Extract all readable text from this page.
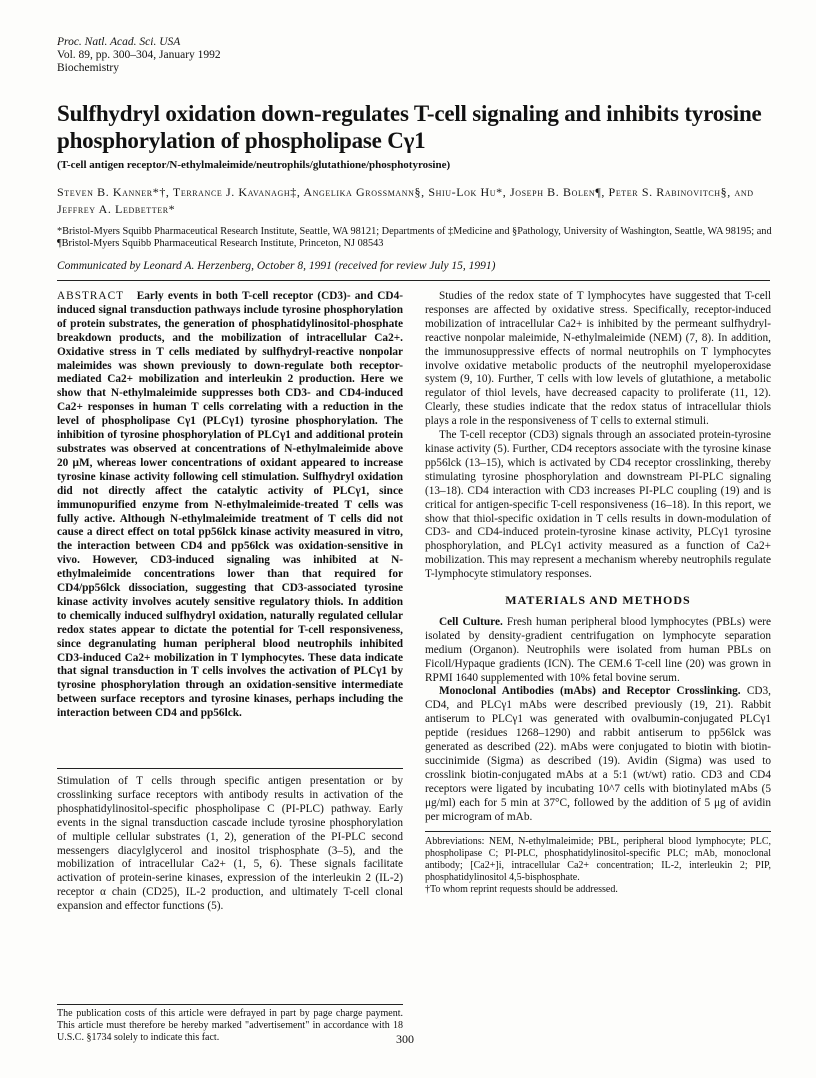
Proc. Natl. Acad. Sci. USA
Vol. 89, pp. 300–304, January 1992
Biochemistry
Sulfhydryl oxidation down-regulates T-cell signaling and inhibits tyrosine phosphorylation of phospholipase Cγ1
(T-cell antigen receptor/N-ethylmaleimide/neutrophils/glutathione/phosphotyrosine)
Steven B. Kanner*†, Terrance J. Kavanagh‡, Angelika Grossmann§, Shiu-Lok Hu*, Joseph B. Bolen¶, Peter S. Rabinovitch§, and Jeffrey A. Ledbetter*
*Bristol-Myers Squibb Pharmaceutical Research Institute, Seattle, WA 98121; Departments of ‡Medicine and §Pathology, University of Washington, Seattle, WA 98195; and ¶Bristol-Myers Squibb Pharmaceutical Research Institute, Princeton, NJ 08543
Communicated by Leonard A. Herzenberg, October 8, 1991 (received for review July 15, 1991)
ABSTRACT Early events in both T-cell receptor (CD3)- and CD4-induced signal transduction pathways include tyrosine phosphorylation of protein substrates, the generation of phosphatidylinositol-phosphate breakdown products, and the mobilization of intracellular Ca2+. Oxidative stress in T cells mediated by sulfhydryl-reactive nonpolar maleimides was shown previously to down-regulate both receptor-mediated Ca2+ mobilization and interleukin 2 production. Here we show that N-ethylmaleimide suppresses both CD3- and CD4-induced Ca2+ responses in human T cells correlating with a reduction in the level of phospholipase Cγ1 (PLCγ1) tyrosine phosphorylation. The inhibition of tyrosine phosphorylation of PLCγ1 and additional protein substrates was observed at concentrations of N-ethylmaleimide above 20 μM, whereas lower concentrations of oxidant appeared to increase tyrosine kinase activity following cell stimulation. Sulfhydryl oxidation did not directly affect the catalytic activity of PLCγ1, since immunopurified enzyme from N-ethylmaleimide-treated T cells was fully active. Although N-ethylmaleimide treatment of T cells did not cause a direct effect on total pp56lck kinase activity measured in vitro, the interaction between CD4 and pp56lck was oxidation-sensitive in vivo. However, CD3-induced signaling was inhibited at N-ethylmaleimide concentrations lower than that required for CD4/pp56lck dissociation, suggesting that CD3-associated tyrosine kinase activity involves acutely sensitive regulatory thiols. In addition to chemically induced sulfhydryl oxidation, naturally regulated cellular redox states appear to dictate the potential for T-cell responsiveness, since degranulating human peripheral blood neutrophils inhibited CD3-induced Ca2+ mobilization in T lymphocytes. These data indicate that signal transduction in T cells involves the activation of PLCγ1 by tyrosine phosphorylation through an oxidation-sensitive intermediate between surface receptors and tyrosine kinases, perhaps including the interaction between CD4 and pp56lck.

Stimulation of T cells through specific antigen presentation or by crosslinking surface receptors with antibody results in activation of the phosphatidylinositol-specific phospholipase C (PI-PLC) pathway. Early events in the signal transduction cascade include tyrosine phosphorylation of multiple cellular substrates (1, 2), generation of the PI-PLC second messengers diacylglycerol and inositol trisphosphate (3–5), and the mobilization of intracellular Ca2+ (1, 5, 6). These signals facilitate activation of protein-serine kinases, expression of the interleukin 2 (IL-2) receptor α chain (CD25), IL-2 production, and ultimately T-cell clonal expansion and effector functions (5).

The publication costs of this article were defrayed in part by page charge payment. This article must therefore be hereby marked "advertisement" in accordance with 18 U.S.C. §1734 solely to indicate this fact.

Studies of the redox state of T lymphocytes have suggested that T-cell responses are affected by oxidative stress. Specifically, receptor-induced mobilization of intracellular Ca2+ is inhibited by the permeant sulfhydryl-reactive nonpolar maleimide, N-ethylmaleimide (NEM) (7, 8). In addition, the immunosuppressive effects of normal neutrophils on T lymphocytes involve oxidative metabolic products of the neutrophil myeloperoxidase system (9, 10). Further, T cells with low levels of glutathione, a metabolic regulator of thiol levels, have decreased capacity to proliferate (11, 12). Clearly, these studies indicate that the redox status of intracellular thiols plays a role in the responsiveness of T cells to external stimuli.

The T-cell receptor (CD3) signals through an associated protein-tyrosine kinase activity (5). Further, CD4 receptors associate with the tyrosine kinase pp56lck (13–15), which is activated by CD4 receptor crosslinking, thereby stimulating tyrosine phosphorylation and downstream PI-PLC signaling (13–18). CD4 interaction with CD3 increases PI-PLC coupling (19) and is critical for antigen-specific T-cell responsiveness (16–18). In this report, we show that thiol-specific oxidation in T cells results in down-modulation of CD3- and CD4-induced protein-tyrosine kinase activity, PLCγ1 tyrosine phosphorylation, and PLCγ1 activity measured as a function of Ca2+ mobilization. This may represent a mechanism whereby neutrophils regulate T-lymphocyte stimulatory responses.

MATERIALS AND METHODS

Cell Culture. Fresh human peripheral blood lymphocytes (PBLs) were isolated by density-gradient centrifugation on lymphocyte separation medium (Organon). Neutrophils were isolated from human PBLs on Ficoll/Hypaque gradients (ICN). The CEM.6 T-cell line (20) was grown in RPMI 1640 supplemented with 10% fetal bovine serum.

Monoclonal Antibodies (mAbs) and Receptor Crosslinking. CD3, CD4, and PLCγ1 mAbs were described previously (19, 21). Rabbit antiserum to PLCγ1 was generated with ovalbumin-conjugated PLCγ1 peptide (residues 1268–1290) and rabbit antiserum to pp56lck was generated as described (22). mAbs were conjugated to biotin with biotin-succinimide (Sigma) as described (19). Avidin (Sigma) was used to crosslink biotin-conjugated mAbs at a 5:1 (wt/wt) ratio. CD3 and CD4 receptors were ligated by incubating 10^7 cells with biotinylated mAbs (5 μg/ml) each for 5 min at 37°C, followed by the addition of 5 μg of avidin per microgram of mAb.

Abbreviations: NEM, N-ethylmaleimide; PBL, peripheral blood lymphocyte; PLC, phospholipase C; PI-PLC, phosphatidylinositol-specific PLC; mAb, monoclonal antibody; [Ca2+]i, intracellular Ca2+ concentration; IL-2, interleukin 2; PIP, phosphatidylinositol 4,5-bisphosphate.
†To whom reprint requests should be addressed.
300
